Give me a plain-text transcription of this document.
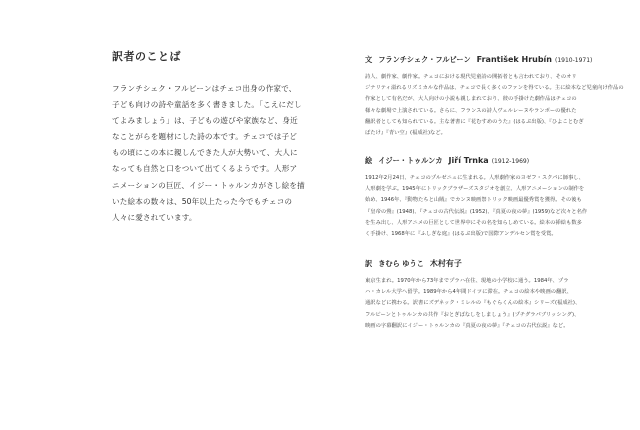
訳者のことば
フランチシェク・フルビーンはチェコ出身の作家で、
子ども向けの詩や童話を多く書きました。「こえにだし
てよみましょう」は、子どもの遊びや家族など、身近
なことがらを題材にした詩の本です。チェコでは子ど
もの頃にこの本に親しんできた人が大勢いて、大人に
なっても自然と口をついて出てくるようです。人形ア
ニメーションの巨匠、イジー・トゥルンカがさし絵を描
いた絵本の数々は、50年以上たった今でもチェコの
人々に愛されています。
文 フランチシェク・フルビーン František Hrubín (1910-1971)
詩人、劇作家、劇作家。チェコにおける現代児童詩の開拓者とも言われており、そのオリ
ジナリティ溢れるリズミカルな作品は、チェコで長く多くのファンを得ている。主に絵本など児童向け作品の
作家として有名だが、大人向けの小説も親しまれており、彼の手掛けた劇作品はチェコの
様々な劇場で上演されている。さらに、フランスの詩人ヴェルレーヌやランボーの優れた
翻訳者としても知られている。主な著書に『花むすめのうた』(はるぷ出版)、『ひよことむぎ
ばたけ』『青い空』(福成社)など。
絵 イジー・トゥルンカ Jiří Trnka (1912-1969)
1912年2月24日、チェコのプルゼニュに生まれる。人形劇作家のヨゼフ・スクパに師事し、
人形劇を学ぶ。1945年にトリックブラザーズスタジオを創立、人形アニメーションの制作を
始め、1946年、『動物たちと山賊』でカンヌ映画祭トリック映画最優秀賞を獲得。その後も
『皇帝の鶯』(1948)、『チェコの古代伝説』(1952)、『真夏の夜の夢』(1959)など次々と名作
を生み出し、人形アニメの巨匠として世界中にその名を知らしめている。絵本の挿絵も数多
く手掛け、1968年に『ふしぎな庭』(はるぷ出版)で国際アンデルセン賞を受賞。
訳 きむら ゆうこ 木村有子
東京生まれ。1970年から73年までプラハ在住、現地の小学校に通う。1984年、プラ
ハ・カレル大学へ留学。1989年から4年間ドイツに滞在。チェコの絵本や映画の翻訳、
通訳などに携わる。訳書にズデネック・ミレルの『もぐらくんの絵本』シリーズ(福成社)、
フルビーンとトゥルンカの共作『おとぎばなしをしましょう』(プチグラパブリッシング)、
映画の字幕翻訳にイジー・トゥルンカの『真夏の夜の夢』『チェコの古代伝説』など。
